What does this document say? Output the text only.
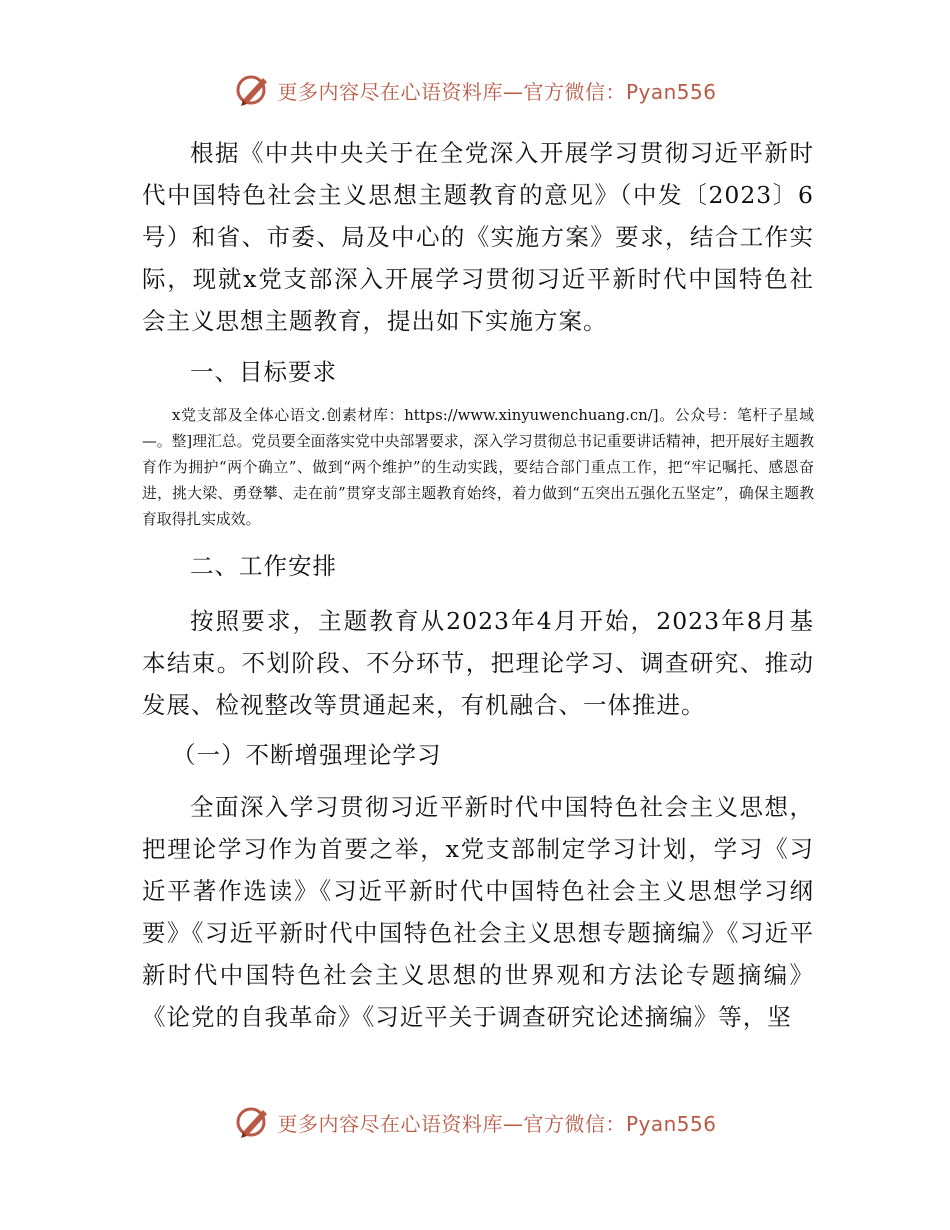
更多内容尽在心语资料库—官方微信：Pyan556

根据《中共中央关于在全党深入开展学习贯彻习近平新时代中国特色社会主义思想主题教育的意见》（中发〔2023〕6号）和省、市委、局及中心的《实施方案》要求，结合工作实际，现就x党支部深入开展学习贯彻习近平新时代中国特色社会主义思想主题教育，提出如下实施方案。

一、目标要求

x党支部及全体心语文.创素材库：https://www.xinyuwenchuang.cn/]。公众号：笔杆子星域—。整]理汇总。党员要全面落实党中央部署要求，深入学习贯彻总书记重要讲话精神，把开展好主题教育作为拥护“两个确立”、做到“两个维护”的生动实践，要结合部门重点工作，把“牢记嘱托、感恩奋进，挑大梁、勇登攀、走在前”贯穿支部主题教育始终，着力做到“五突出五强化五坚定”，确保主题教育取得扎实成效。

二、工作安排

按照要求，主题教育从2023年4月开始，2023年8月基本结束。不划阶段、不分环节，把理论学习、调查研究、推动发展、检视整改等贯通起来，有机融合、一体推进。

（一）不断增强理论学习

全面深入学习贯彻习近平新时代中国特色社会主义思想，把理论学习作为首要之举，x党支部制定学习计划，学习《习近平著作选读》《习近平新时代中国特色社会主义思想学习纲要》《习近平新时代中国特色社会主义思想专题摘编》《习近平新时代中国特色社会主义思想的世界观和方法论专题摘编》《论党的自我革命》《习近平关于调查研究论述摘编》等，坚

更多内容尽在心语资料库—官方微信：Pyan556
